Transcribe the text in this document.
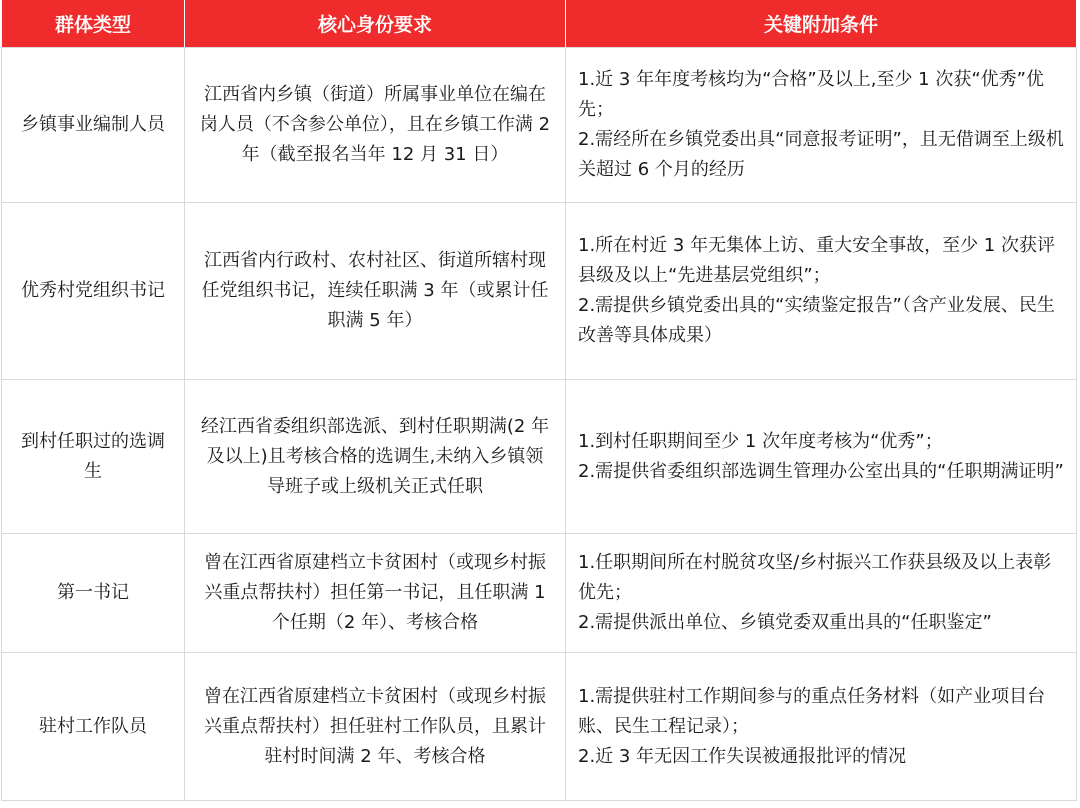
群体类型	核心身份要求	关键附加条件
乡镇事业编制人员	江西省内乡镇（街道）所属事业单位在编在岗人员（不含参公单位），且在乡镇工作满 2 年（截至报名当年 12 月 31 日）	1.近 3 年年度考核均为“合格”及以上,至少 1 次获“优秀”优先；
2.需经所在乡镇党委出具“同意报考证明”，且无借调至上级机关超过 6 个月的经历

优秀村党组织书记	江西省内行政村、农村社区、街道所辖村现任党组织书记，连续任职满 3 年（或累计任职满 5 年）	1.所在村近 3 年无集体上访、重大安全事故，至少 1 次获评县级及以上“先进基层党组织”；
2.需提供乡镇党委出具的“实绩鉴定报告”（含产业发展、民生改善等具体成果）

到村任职过的选调生	经江西省委组织部选派、到村任职期满(2 年及以上)且考核合格的选调生,未纳入乡镇领导班子或上级机关正式任职	1.到村任职期间至少 1 次年度考核为“优秀”；
2.需提供省委组织部选调生管理办公室出具的“任职期满证明”

第一书记	曾在江西省原建档立卡贫困村（或现乡村振兴重点帮扶村）担任第一书记，且任职满 1 个任期（2 年）、考核合格	1.任职期间所在村脱贫攻坚/乡村振兴工作获县级及以上表彰优先；
2.需提供派出单位、乡镇党委双重出具的“任职鉴定”

驻村工作队员	曾在江西省原建档立卡贫困村（或现乡村振兴重点帮扶村）担任驻村工作队员，且累计驻村时间满 2 年、考核合格	1.需提供驻村工作期间参与的重点任务材料（如产业项目台账、民生工程记录）；
2.近 3 年无因工作失误被通报批评的情况
